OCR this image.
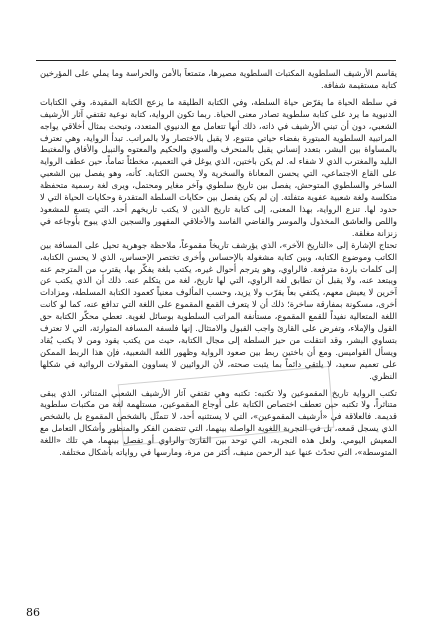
يقاسم الأرشيف السلطوية المكتبات السلطوية مصيرها، متمتعاً بالأمن والحراسة وما يملي على المؤرخين كتابة مستقيمة شفافة.

في سلطة الحياة ما يقرّض حياة السلطة، وفي الكتابة الطليقة ما يزعج الكتابة المقيدة، وفي الكتابات الدنيوية ما يرد على كتابة سلطوية تصادر معنى الحياة. ربما تكون الرواية، كتابة نوعية تقتفي آثار الأرشيف الشعبي، دون أن تبني الأرشيف في ذاته، ذلك أنها تتعامل مع الدنيوي المتعدد، وتبحث بمثال أخلاقي يواجه المراتبية السلطوية المبتورة بفضاء حياتي متنوع، لا يقبل بالاختصار ولا بالمراتب. تبدأ الرواية، وهي تعترف بالمساواة بين البشر، بتعدد إنساني يقبل بالمنحرف والسوي والحكيم والمعتوه والنبيل والأفاق والمغتبط البليد والمغترب الذي لا شفاء له. لم يكن باختين، الذي يوغل في التعميم، مخطئاً تماماً، حين عطف الرواية على القاع الاجتماعي، التي يحسن المعاناة والسخرية ولا يحسن الكتابة. كأنه، وهو يفصل بين الشعبي الساخر والسلطوي المتوحش، يفصل بين تاريخ سلطوي وآخر مغاير ومحتمل، ويرى لغة رسمية متحفظة متكلسة ولغة شعبية عفوية متفلتة. إن لم يكن يفصل بين حكايات السلطة المتقدرة وحكايات الحياة التي لا حدود لها. تنزع الرواية، بهذا المعنى، إلى كتابة تاريخ الذين لا يكتب تاريخهم أحد، التي يتسع للمشعوذ واللص والعاشق المخذول والموسر والقاضي الفاسد والأخلاقي المقهور والسجين الذي يبوح بأوجاعه في زنزانة مغلقة.

تحتاج الإشارة إلى «التاريخ الآخر»، الذي يؤرشف تاريخاً مقموعاً، ملاحظة جوهرية تحيل على المسافة بين الكاتب وموضوع الكتابة، وبين كتابة مشغولة بالإحساس وأخرى تختصر الإحساس، الذي لا يحسن الكتابة، إلى كلمات باردة مترفعة. فالراوي، وهو يترجم أحوال غيره، يكتب بلغة يفكّر بها، يقترب من المترجم عنه ويبتعد عنه، ولا يقبل أن تطابق لغة الراوي، التي لها تاريخ، لغة من يتكلم عنه. ذلك أن الذي يكتب عن آخرين لا يعيش معهم، يكتفي بعاً يقرّب ولا يزيد، وحسب المألوف معنياً كعمود الكتابة المسلطة، ومزادات أخرى، مسكونة بمفارقة ساخرة؛ ذلك أن لا يتعرف القمع المقموع على اللغة التي تدافع عنه، كما لو كانت اللغة المتعالية نفيداً للقمع المقموع، مستأنفة المراتب السلطوية بوسائل لغوية. تعطي محكّر الكتابة حق القول والإملاء، وتفرض على القارئ واجب القبول والامتثال. إنها فلسفة المسافة المتوارثة، التي لا تعترف بتساوي البشر، وقد انتقلت من حيز السلطة إلى مجال الكتابة، حيث من يكتب يقود ومن لا يكتب يُقاد ويسأل القواميس. ومع أن باختين ربط بين صعود الرواية وظهور اللغة الشعبية، فإن هذا الربط الممكن على تعميم سعيد، لا يلتقي دائماً بما يثبت صحته، لأن الروائيين لا يساوون المقولات الروائية في شكلها النظري.

تكتب الرواية تاريخ المقموعين ولا تكتبه: تكتبه وهي تقتفي آثار الأرشيف الشعبي المتناثر، الذي يبقى متناثراً، ولا تكتبه حين تعطف اختصاص الكتابة على أوجاع المقموعين، مستلهمة لغة من مكتبات سلطوية قديمة. فالعلاقة في «أرشيف المقموعين»، التي لا يستثنيه أحد، لا تتمثّل بالشخص المقموع بل بالشخص الذي يسجل قمعه، بل في التجربة اللغوية الواصلة بينهما، التي تتضمن الفكر والمنظور وأشكال التعامل مع المعيش اليومي. ولعل هذه التجربة، التي توحد بين القارئ والراوي أو تفصل بينهما، هي تلك «اللغة المتوسطة»، التي تحدّث عنها عبد الرحمن منيف، أكثر من مرة، ومارسها في رواياته بأشكال مختلفة.

86
